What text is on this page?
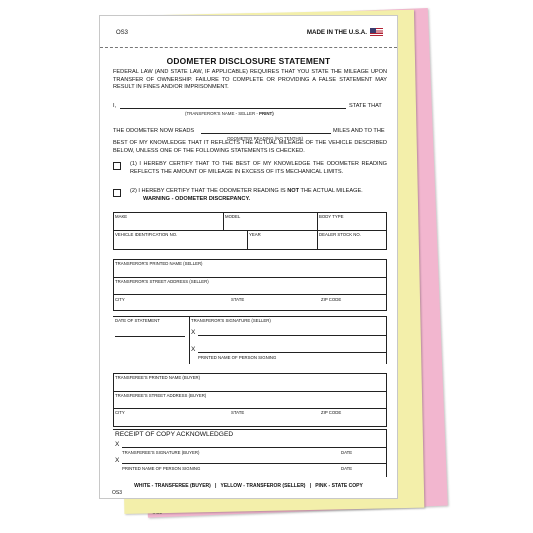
OS3	MADE IN THE U.S.A.
ODOMETER DISCLOSURE STATEMENT
FEDERAL LAW (AND STATE LAW, IF APPLICABLE) REQUIRES THAT YOU STATE THE MILEAGE UPON TRANSFER OF OWNERSHIP. FAILURE TO COMPLETE OR PROVIDING A FALSE STATEMENT MAY RESULT IN FINES AND/OR IMPRISONMENT.
I,	STATE THAT
(TRANSFEROR'S NAME - SELLER - PRINT)
THE ODOMETER NOW READS	MILES AND TO THE
ODOMETER READING (NO TENTHS)
BEST OF MY KNOWLEDGE THAT IT REFLECTS THE ACTUAL MILEAGE OF THE VEHICLE DESCRIBED BELOW, UNLESS ONE OF THE FOLLOWING STATEMENTS IS CHECKED.
(1) I HEREBY CERTIFY THAT TO THE BEST OF MY KNOWLEDGE THE ODOMETER READING REFLECTS THE AMOUNT OF MILEAGE IN EXCESS OF ITS MECHANICAL LIMITS.
(2) I HEREBY CERTIFY THAT THE ODOMETER READING IS NOT THE ACTUAL MILEAGE.
WARNING - ODOMETER DISCREPANCY.
MAKE	MODEL	BODY TYPE
VEHICLE IDENTIFICATION NO.	YEAR	DEALER STOCK NO.
TRANSFEROR'S PRINTED NAME (SELLER)
TRANSFEROR'S STREET ADDRESS (SELLER)
CITY	STATE	ZIP CODE
DATE OF STATEMENT	TRANSFEROR'S SIGNATURE (SELLER)
X
X
PRINTED NAME OF PERSON SIGNING
TRANSFEREE'S PRINTED NAME (BUYER)
TRANSFEREE'S STREET ADDRESS (BUYER)
CITY	STATE	ZIP CODE
RECEIPT OF COPY ACKNOWLEDGED
X
TRANSFEREE'S SIGNATURE (BUYER)	DATE
X
PRINTED NAME OF PERSON SIGNING	DATE
WHITE - TRANSFEREE (BUYER)   |   YELLOW - TRANSFEROR (SELLER)   |   PINK - STATE COPY
OS3
